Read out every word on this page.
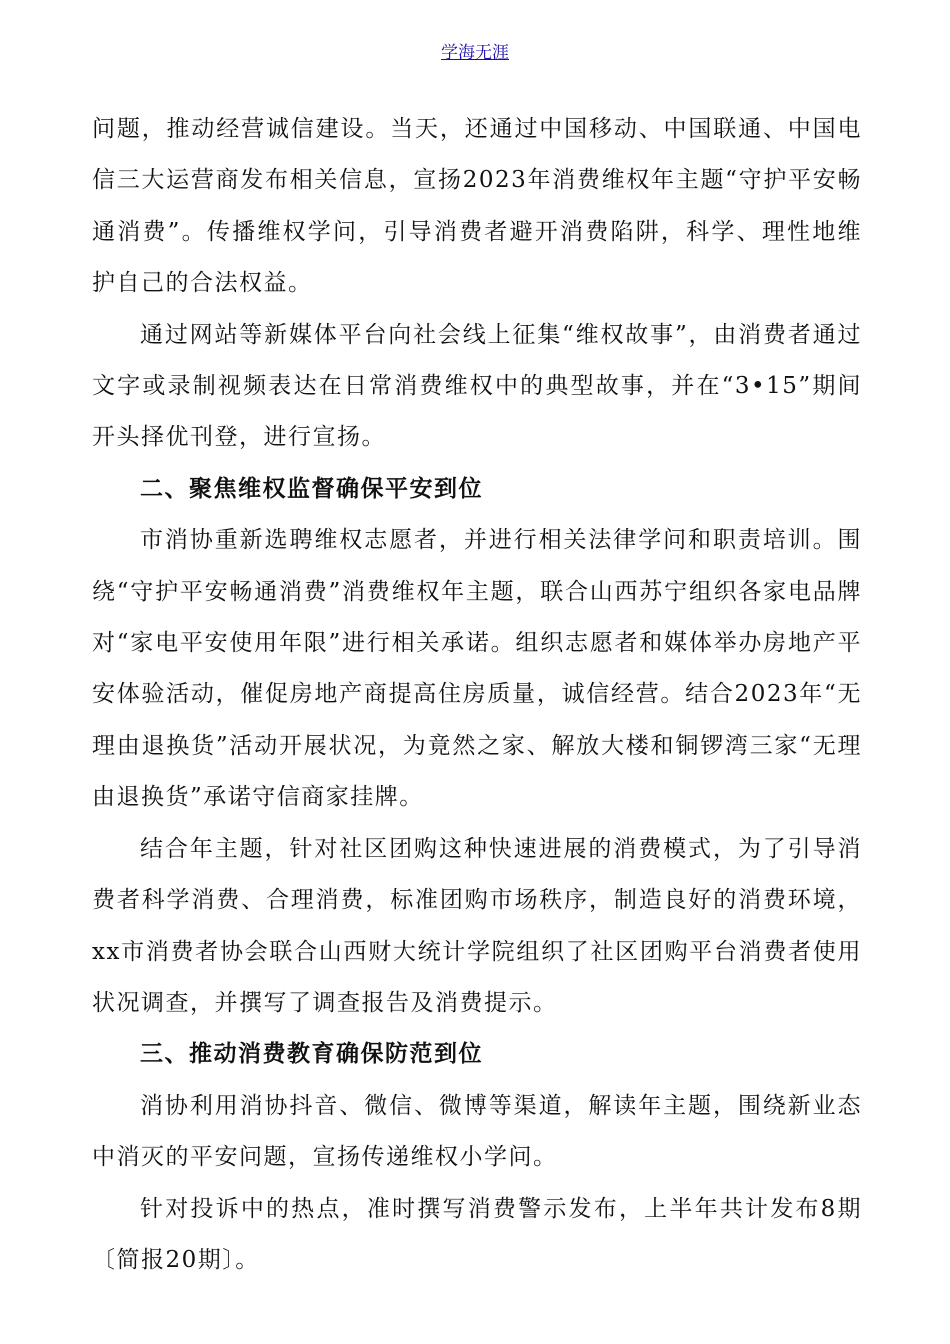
学海无涯

问题，推动经营诚信建设。当天，还通过中国移动、中国联通、中国电信三大运营商发布相关信息，宣扬2023年消费维权年主题“守护平安畅通消费”。传播维权学问，引导消费者避开消费陷阱，科学、理性地维护自己的合法权益。

通过网站等新媒体平台向社会线上征集“维权故事”，由消费者通过文字或录制视频表达在日常消费维权中的典型故事，并在“3•15”期间开头择优刊登，进行宣扬。

二、聚焦维权监督确保平安到位

市消协重新选聘维权志愿者，并进行相关法律学问和职责培训。围绕“守护平安畅通消费”消费维权年主题，联合山西苏宁组织各家电品牌对“家电平安使用年限”进行相关承诺。组织志愿者和媒体举办房地产平安体验活动，催促房地产商提高住房质量，诚信经营。结合2023年“无理由退换货”活动开展状况，为竟然之家、解放大楼和铜锣湾三家“无理由退换货”承诺守信商家挂牌。

结合年主题，针对社区团购这种快速进展的消费模式，为了引导消费者科学消费、合理消费，标准团购市场秩序，制造良好的消费环境，xx市消费者协会联合山西财大统计学院组织了社区团购平台消费者使用状况调查，并撰写了调查报告及消费提示。

三、推动消费教育确保防范到位

消协利用消协抖音、微信、微博等渠道，解读年主题，围绕新业态中消灭的平安问题，宣扬传递维权小学问。

针对投诉中的热点，准时撰写消费警示发布，上半年共计发布8期〔简报20期〕。
